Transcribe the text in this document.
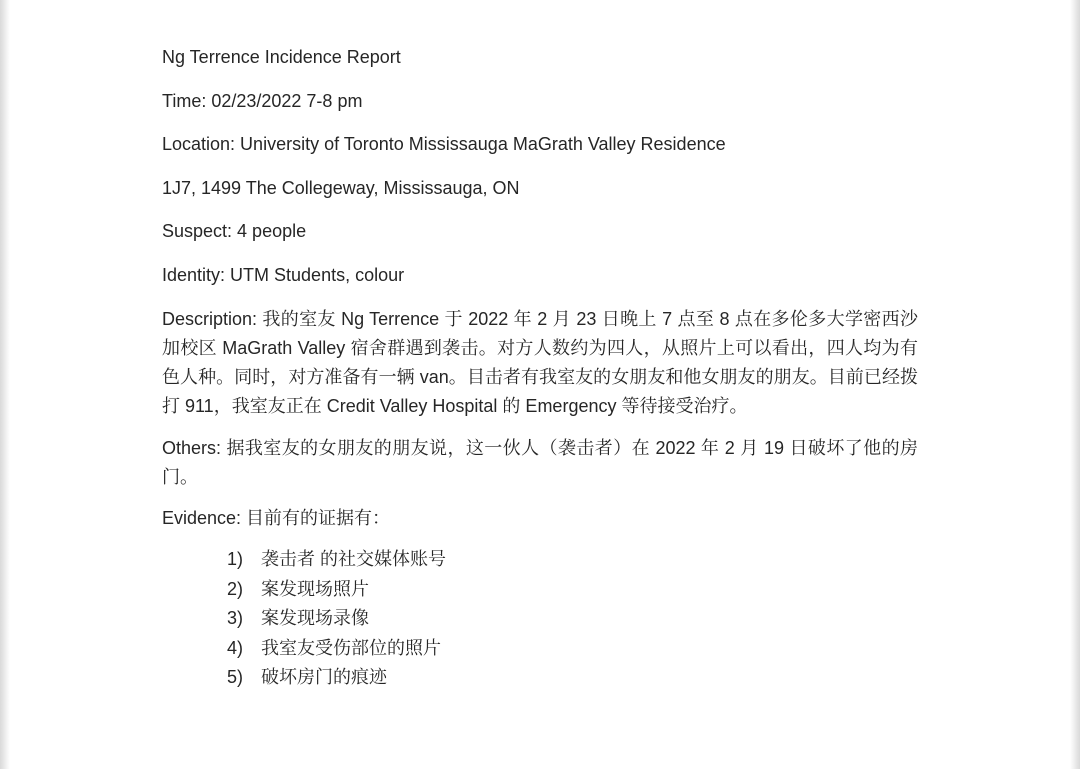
Ng Terrence Incidence Report

Time: 02/23/2022 7-8 pm

Location: University of Toronto Mississauga MaGrath Valley Residence

1J7, 1499 The Collegeway, Mississauga, ON

Suspect: 4 people

Identity: UTM Students, colour

Description: 我的室友 Ng Terrence 于 2022 年 2 月 23 日晚上 7 点至 8 点在多伦多大学密西沙加校区 MaGrath Valley 宿舍群遇到袭击。对方人数约为四人，从照片上可以看出，四人均为有色人种。同时，对方准备有一辆 van。目击者有我室友的女朋友和他女朋友的朋友。目前已经拨打 911，我室友正在 Credit Valley Hospital 的 Emergency 等待接受治疗。

Others: 据我室友的女朋友的朋友说，这一伙人（袭击者）在 2022 年 2 月 19 日破坏了他的房门。

Evidence: 目前有的证据有：

1) 袭击者 的社交媒体账号
2) 案发现场照片
3) 案发现场录像
4) 我室友受伤部位的照片
5) 破坏房门的痕迹
